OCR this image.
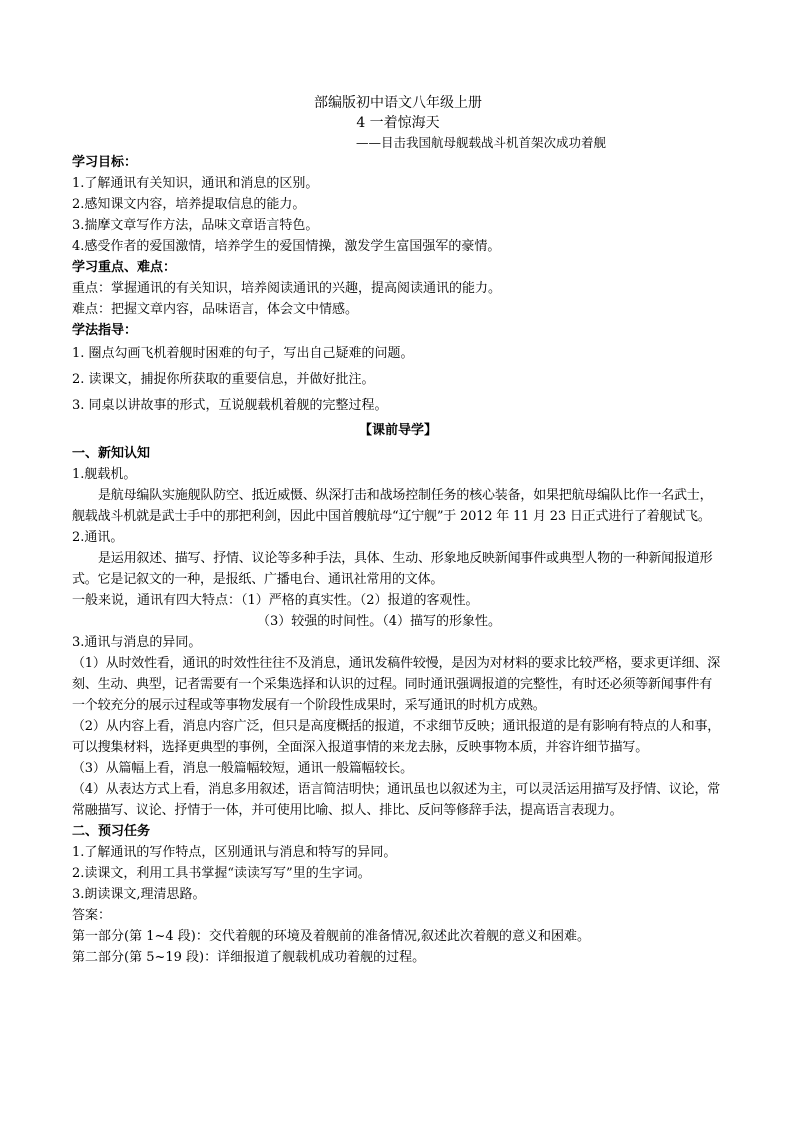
部编版初中语文八年级上册
4 一着惊海天
——目击我国航母舰载战斗机首架次成功着舰
学习目标：
1.了解通讯有关知识，通讯和消息的区别。
2.感知课文内容，培养提取信息的能力。
3.揣摩文章写作方法，品味文章语言特色。
4.感受作者的爱国激情，培养学生的爱国情操，激发学生富国强军的豪情。
学习重点、难点：
重点：掌握通讯的有关知识，培养阅读通讯的兴趣，提高阅读通讯的能力。
难点：把握文章内容，品味语言，体会文中情感。
学法指导：
1. 圈点勾画飞机着舰时困难的句子，写出自己疑难的问题。
2. 读课文，捕捉你所获取的重要信息，并做好批注。
3. 同桌以讲故事的形式，互说舰载机着舰的完整过程。
【课前导学】
一、新知认知
1.舰载机。
是航母编队实施舰队防空、抵近威慑、纵深打击和战场控制任务的核心装备，如果把航母编队比作一名武士，舰载战斗机就是武士手中的那把利剑，因此中国首艘航母“辽宁舰”于 2012 年 11 月 23 日正式进行了着舰试飞。
2.通讯。
是运用叙述、描写、抒情、议论等多种手法，具体、生动、形象地反映新闻事件或典型人物的一种新闻报道形式。它是记叙文的一种，是报纸、广播电台、通讯社常用的文体。
一般来说，通讯有四大特点：（1）严格的真实性。（2）报道的客观性。
（3）较强的时间性。（4）描写的形象性。
3.通讯与消息的异同。
（1）从时效性看，通讯的时效性往往不及消息，通讯发稿件较慢，是因为对材料的要求比较严格，要求更详细、深刻、生动、典型，记者需要有一个采集选择和认识的过程。同时通讯强调报道的完整性，有时还必须等新闻事件有一个较充分的展示过程或等事物发展有一个阶段性成果时，采写通讯的时机方成熟。
（2）从内容上看，消息内容广泛，但只是高度概括的报道，不求细节反映；通讯报道的是有影响有特点的人和事，可以搜集材料，选择更典型的事例，全面深入报道事情的来龙去脉，反映事物本质，并容许细节描写。
（3）从篇幅上看，消息一般篇幅较短，通讯一般篇幅较长。
（4）从表达方式上看，消息多用叙述，语言简洁明快；通讯虽也以叙述为主，可以灵活运用描写及抒情、议论，常常融描写、议论、抒情于一体，并可使用比喻、拟人、排比、反问等修辞手法，提高语言表现力。
二、预习任务
1.了解通讯的写作特点，区别通讯与消息和特写的异同。
2.读课文，利用工具书掌握“读读写写”里的生字词。
3.朗读课文,理清思路。
答案：
第一部分(第 1~4 段)：交代着舰的环境及着舰前的准备情况,叙述此次着舰的意义和困难。
第二部分(第 5~19 段)：详细报道了舰载机成功着舰的过程。
